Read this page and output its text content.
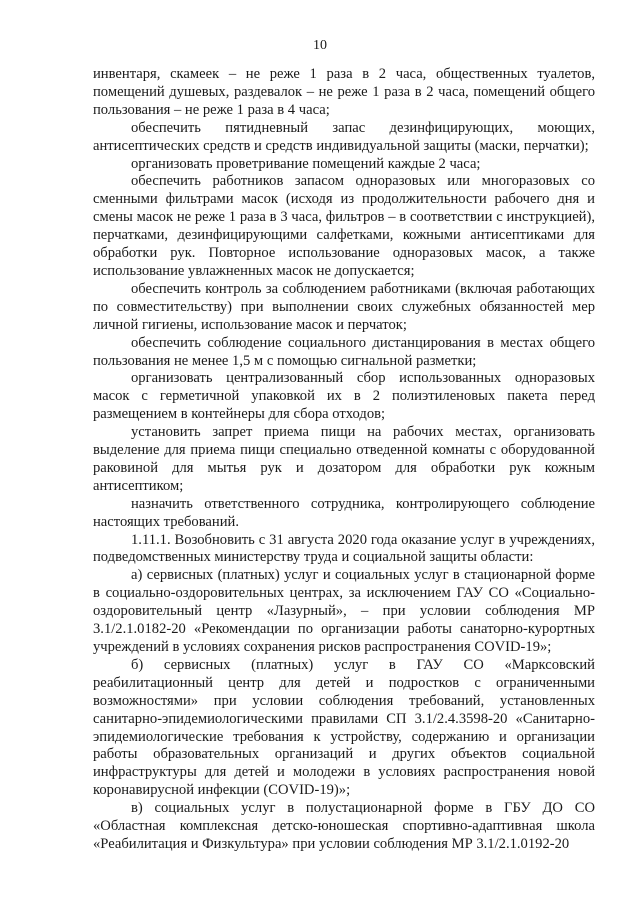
10

инвентаря, скамеек – не реже 1 раза в 2 часа, общественных туалетов, помещений душевых, раздевалок – не реже 1 раза в 2 часа, помещений общего пользования – не реже 1 раза в 4 часа;

обеспечить пятидневный запас дезинфицирующих, моющих, антисептических средств и средств индивидуальной защиты (маски, перчатки);

организовать проветривание помещений каждые 2 часа;

обеспечить работников запасом одноразовых или многоразовых со сменными фильтрами масок (исходя из продолжительности рабочего дня и смены масок не реже 1 раза в 3 часа, фильтров – в соответствии с инструкцией), перчатками, дезинфицирующими салфетками, кожными антисептиками для обработки рук. Повторное использование одноразовых масок, а также использование увлажненных масок не допускается;

обеспечить контроль за соблюдением работниками (включая работающих по совместительству) при выполнении своих служебных обязанностей мер личной гигиены, использование масок и перчаток;

обеспечить соблюдение социального дистанцирования в местах общего пользования не менее 1,5 м с помощью сигнальной разметки;

организовать централизованный сбор использованных одноразовых масок с герметичной упаковкой их в 2 полиэтиленовых пакета перед размещением в контейнеры для сбора отходов;

установить запрет приема пищи на рабочих местах, организовать выделение для приема пищи специально отведенной комнаты с оборудованной раковиной для мытья рук и дозатором для обработки рук кожным антисептиком;

назначить ответственного сотрудника, контролирующего соблюдение настоящих требований.

1.11.1. Возобновить с 31 августа 2020 года оказание услуг в учреждениях, подведомственных министерству труда и социальной защиты области:

а) сервисных (платных) услуг и социальных услуг в стационарной форме в социально-оздоровительных центрах, за исключением ГАУ СО «Социально-оздоровительный центр «Лазурный», – при условии соблюдения МР 3.1/2.1.0182-20 «Рекомендации по организации работы санаторно-курортных учреждений в условиях сохранения рисков распространения COVID-19»;

б) сервисных (платных) услуг в ГАУ СО «Марксовский реабилитационный центр для детей и подростков с ограниченными возможностями» при условии соблюдения требований, установленных санитарно-эпидемиологическими правилами СП 3.1/2.4.3598-20 «Санитарно-эпидемиологические требования к устройству, содержанию и организации работы образовательных организаций и других объектов социальной инфраструктуры для детей и молодежи в условиях распространения новой коронавирусной инфекции (COVID-19)»;

в) социальных услуг в полустационарной форме в ГБУ ДО СО «Областная комплексная детско-юношеская спортивно-адаптивная школа «Реабилитация и Физкультура» при условии соблюдения МР 3.1/2.1.0192-20
